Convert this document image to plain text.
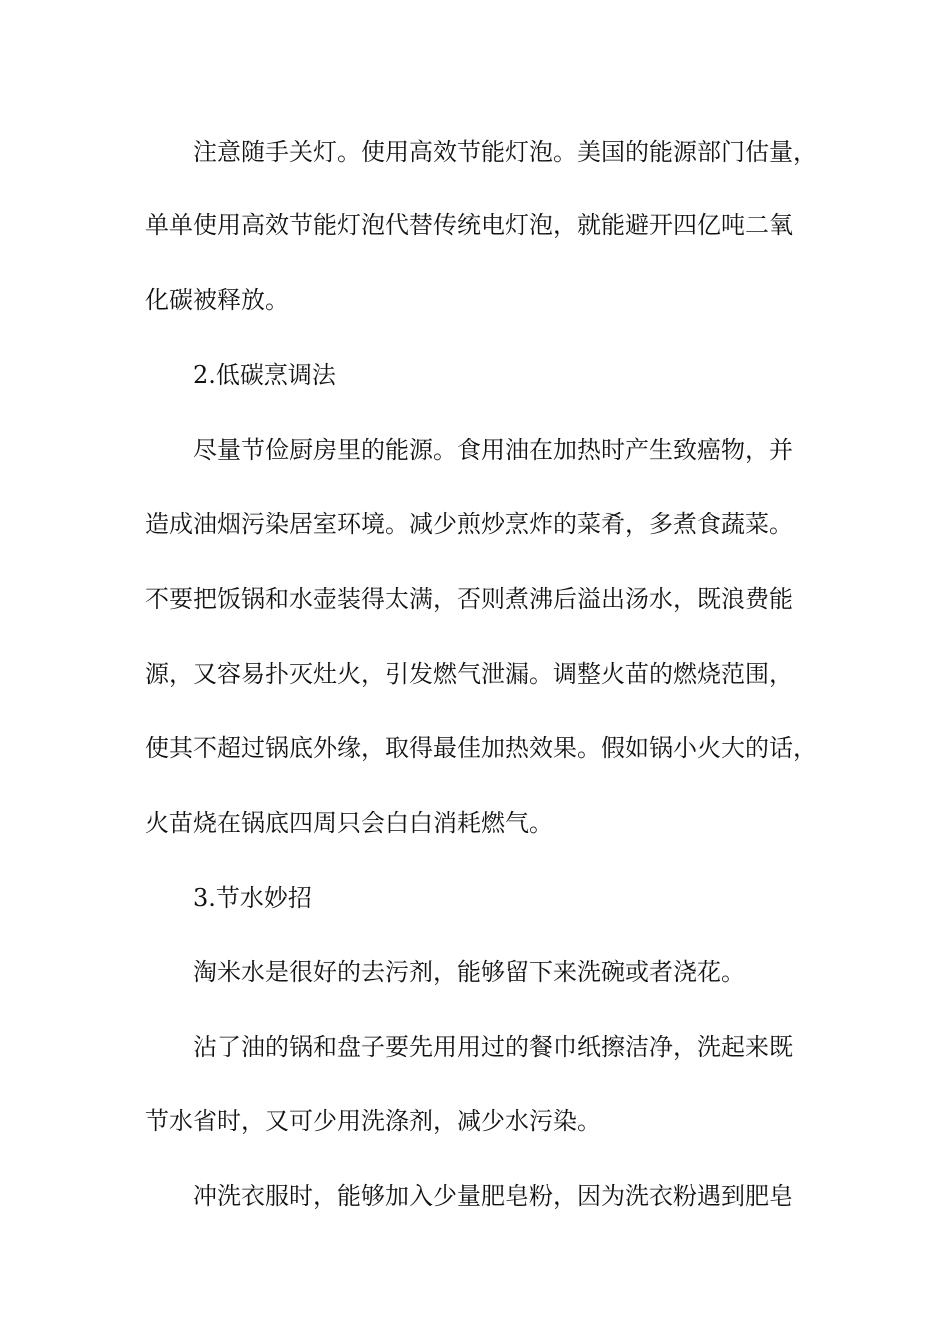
注意随手关灯。使用高效节能灯泡。美国的能源部门估量，

单单使用高效节能灯泡代替传统电灯泡，就能避开四亿吨二氧

化碳被释放。

2.低碳烹调法

尽量节俭厨房里的能源。食用油在加热时产生致癌物，并

造成油烟污染居室环境。减少煎炒烹炸的菜肴，多煮食蔬菜。

不要把饭锅和水壶装得太满，否则煮沸后溢出汤水，既浪费能

源，又容易扑灭灶火，引发燃气泄漏。调整火苗的燃烧范围，

使其不超过锅底外缘，取得最佳加热效果。假如锅小火大的话，

火苗烧在锅底四周只会白白消耗燃气。

3.节水妙招

淘米水是很好的去污剂，能够留下来洗碗或者浇花。

沾了油的锅和盘子要先用用过的餐巾纸擦洁净，洗起来既

节水省时，又可少用洗涤剂，减少水污染。

冲洗衣服时，能够加入少量肥皂粉，因为洗衣粉遇到肥皂
